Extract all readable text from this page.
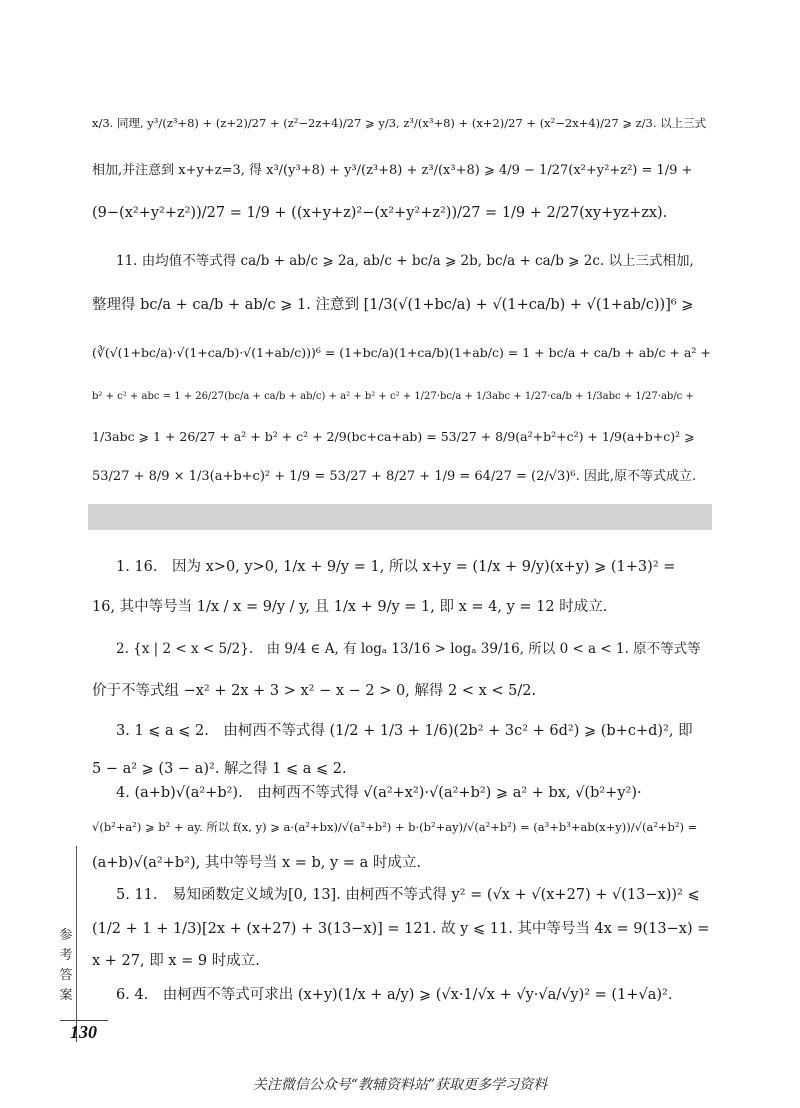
x/3. 同理, y³/(z³+8) + (z+2)/27 + (z²−2z+4)/27 ⩾ y/3, z³/(x³+8) + (x+2)/27 + (x²−2x+4)/27 ⩾ z/3. 以上三式
相加,并注意到 x+y+z=3, 得 x³/(y³+8) + y³/(z³+8) + z³/(x³+8) ⩾ 4/9 − 1/27(x²+y²+z²) = 1/9 +
(9−(x²+y²+z²))/27 = 1/9 + ((x+y+z)²−(x²+y²+z²))/27 = 1/9 + 2/27(xy+yz+zx).
11. 由均值不等式得 ca/b + ab/c ⩾ 2a, ab/c + bc/a ⩾ 2b, bc/a + ca/b ⩾ 2c. 以上三式相加,
整理得 bc/a + ca/b + ab/c ⩾ 1. 注意到 [1/3(√(1+bc/a) + √(1+ca/b) + √(1+ab/c))]⁶ ⩾
(∛(√(1+bc/a)·√(1+ca/b)·√(1+ab/c)))⁶ = (1+bc/a)(1+ca/b)(1+ab/c) = 1 + bc/a + ca/b + ab/c + a² +
b² + c² + abc = 1 + 26/27(bc/a + ca/b + ab/c) + a² + b² + c² + 1/27·bc/a + 1/3abc + 1/27·ca/b + 1/3abc + 1/27·ab/c +
1/3abc ⩾ 1 + 26/27 + a² + b² + c² + 2/9(bc+ca+ab) = 53/27 + 8/9(a²+b²+c²) + 1/9(a+b+c)² ⩾
53/27 + 8/9 × 1/3(a+b+c)² + 1/9 = 53/27 + 8/27 + 1/9 = 64/27 = (2/√3)⁶. 因此,原不等式成立.
1. 16.　因为 x>0, y>0, 1/x + 9/y = 1, 所以 x+y = (1/x + 9/y)(x+y) ⩾ (1+3)² =
16, 其中等号当 1/x / x = 9/y / y, 且 1/x + 9/y = 1, 即 x = 4, y = 12 时成立.
2. {x | 2 < x < 5/2}.　由 9/4 ∈ A, 有 logₐ 13/16 > logₐ 39/16, 所以 0 < a < 1. 原不等式等
价于不等式组 −x² + 2x + 3 > x² − x − 2 > 0, 解得 2 < x < 5/2.
3. 1 ⩽ a ⩽ 2.　由柯西不等式得 (1/2 + 1/3 + 1/6)(2b² + 3c² + 6d²) ⩾ (b+c+d)², 即
5 − a² ⩾ (3 − a)². 解之得 1 ⩽ a ⩽ 2.
4. (a+b)√(a²+b²).　由柯西不等式得 √(a²+x²)·√(a²+b²) ⩾ a² + bx, √(b²+y²)·
√(b²+a²) ⩾ b² + ay. 所以 f(x, y) ⩾ a·(a²+bx)/√(a²+b²) + b·(b²+ay)/√(a²+b²) = (a³+b³+ab(x+y))/√(a²+b²) =
(a+b)√(a²+b²), 其中等号当 x = b, y = a 时成立.
5. 11.　易知函数定义域为[0, 13]. 由柯西不等式得 y² = (√x + √(x+27) + √(13−x))² ⩽
(1/2 + 1 + 1/3)[2x + (x+27) + 3(13−x)] = 121. 故 y ⩽ 11. 其中等号当 4x = 9(13−x) =
x + 27, 即 x = 9 时成立.
6. 4.　由柯西不等式可求出 (x+y)(1/x + a/y) ⩾ (√x·1/√x + √y·√a/√y)² = (1+√a)².
参
考
答
案
130
关注微信公众号“教辅资料站”获取更多学习资料
